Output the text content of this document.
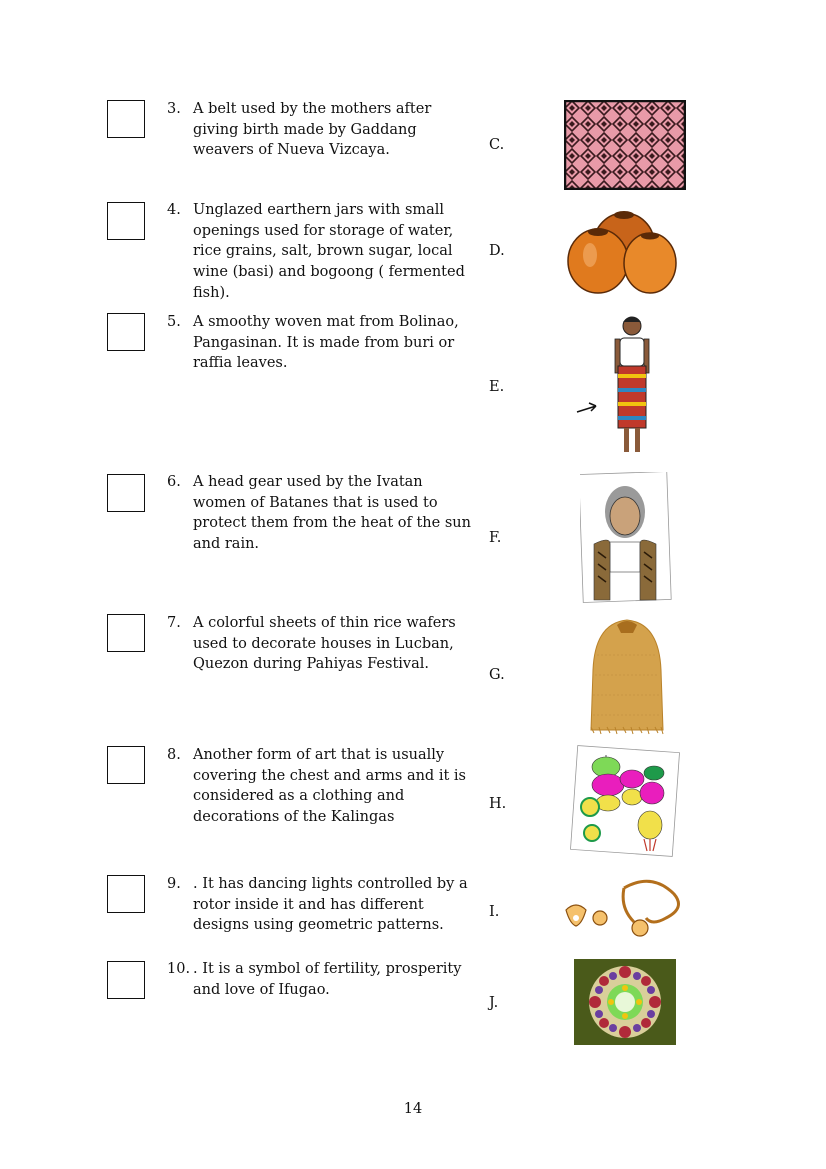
3. A belt used by the mothers after
giving birth made by Gaddang
weavers of Nueva Vizcaya.	C.
4. Unglazed earthern jars with small
openings used for storage of water,
rice grains, salt, brown sugar, local
wine (basi) and bogoong ( fermented
fish).
D.
5. A smoothy woven mat from Bolinao,
Pangasinan. It is made from buri or
raffia leaves.
E.
6. A head gear used by the Ivatan
women of Batanes that is used to
protect them from the heat of the sun
and rain.	F.
7. A colorful sheets of thin rice wafers
used to decorate houses in Lucban,
Quezon during Pahiyas Festival.
G.
8. Another form of art that is usually
covering the chest and arms and it is
considered as a clothing and
decorations of the Kalingas
H.
9. . It has dancing lights controlled by a
rotor inside it and has different
designs using geometric patterns.
I.
10. . It is a symbol of fertility, prosperity
and love of Ifugao.
J.
14
